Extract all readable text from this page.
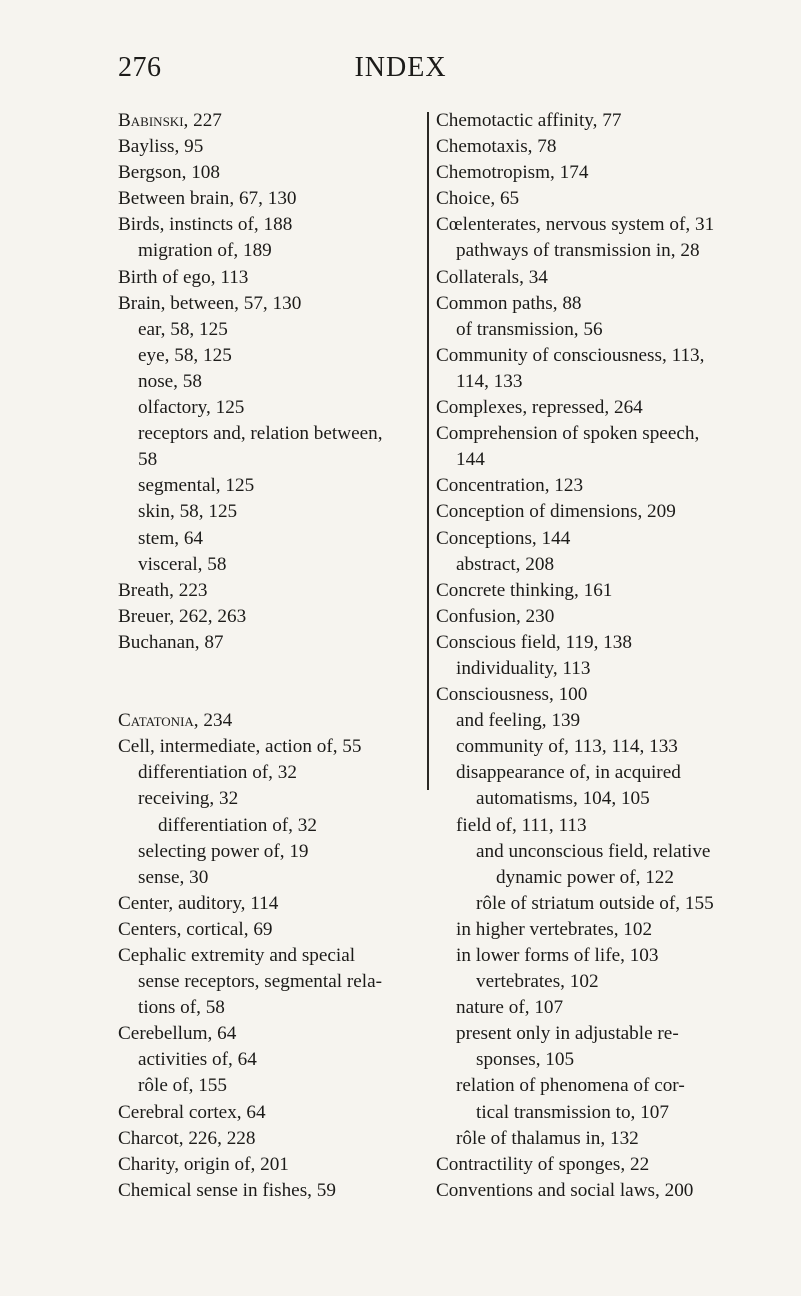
276	INDEX
Babinski, 227
Bayliss, 95
Bergson, 108
Between brain, 67, 130
Birds, instincts of, 188
migration of, 189
Birth of ego, 113
Brain, between, 57, 130
ear, 58, 125
eye, 58, 125
nose, 58
olfactory, 125
receptors and, relation between,
58
segmental, 125
skin, 58, 125
stem, 64
visceral, 58
Breath, 223
Breuer, 262, 263
Buchanan, 87
Catatonia, 234
Cell, intermediate, action of, 55
differentiation of, 32
receiving, 32
differentiation of, 32
selecting power of, 19
sense, 30
Center, auditory, 114
Centers, cortical, 69
Cephalic extremity and special
sense receptors, segmental rela-
tions of, 58
Cerebellum, 64
activities of, 64
rôle of, 155
Cerebral cortex, 64
Charcot, 226, 228
Charity, origin of, 201
Chemical sense in fishes, 59
Chemotactic affinity, 77
Chemotaxis, 78
Chemotropism, 174
Choice, 65
Cœlenterates, nervous system of, 31
pathways of transmission in, 28
Collaterals, 34
Common paths, 88
of transmission, 56
Community of consciousness, 113,
114, 133
Complexes, repressed, 264
Comprehension of spoken speech,
144
Concentration, 123
Conception of dimensions, 209
Conceptions, 144
abstract, 208
Concrete thinking, 161
Confusion, 230
Conscious field, 119, 138
individuality, 113
Consciousness, 100
and feeling, 139
community of, 113, 114, 133
disappearance of, in acquired
automatisms, 104, 105
field of, 111, 113
and unconscious field, relative
dynamic power of, 122
rôle of striatum outside of, 155
in higher vertebrates, 102
in lower forms of life, 103
vertebrates, 102
nature of, 107
present only in adjustable re-
sponses, 105
relation of phenomena of cor-
tical transmission to, 107
rôle of thalamus in, 132
Contractility of sponges, 22
Conventions and social laws, 200
